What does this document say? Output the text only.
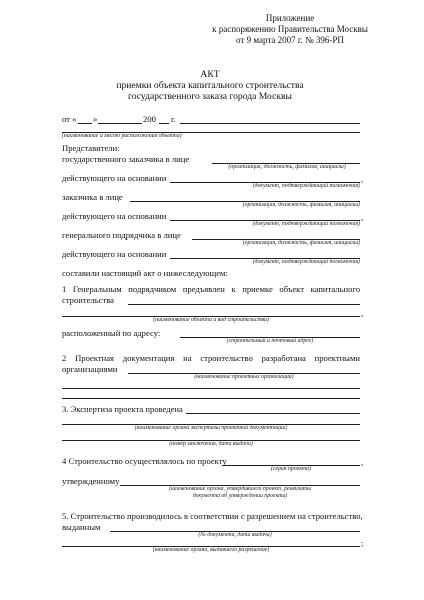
Приложение
к распоряжению Правительства Москвы
от 9 марта 2007 г. № 396-РП
АКТ
приемки объекта капитального строительства
государственного заказа города Москвы
от « »	200 г.
(наименование и место расположения объекта)
Представители:
государственного заказчика в лице
(организация, должность, фамилия, инициалы)
действующего на основании	,
(документ, подтверждающий полномочия)
заказчика в лице
(организация, должность, фамилия, инициалы)
действующего на основании	,
(документ, подтверждающий полномочия)
генерального подрядчика в лице
(организация, должность, фамилия, инициалы)
действующего на основании
(документ, подтверждающий полномочия)
составили настоящий акт о нижеследующем:
1 Генеральным подрядчиком предъявлен к приемке объект капитального
строительства
,
(наименование объекта и вид строительства)
расположенный по адресу:
(строительный и почтовый адрес)
2 Проектная документация на строительство разработана проектными
организациями
(наименование проектных организаций)
3. Экспертиза проекта проведена
(наименование органа экспертизы проектной документации)
(номер заключения, дата выдачи)
4 Строительство осуществлялось по проекту	,
(серия проекта)
утвержденному
(наименование органа, утвердившего проект, реквизиты
документа об утверждении проекта)
5. Строительство производилось в соответствии с разрешением на строительство,
выданным
(№ документа, дата выдачи)
;
(наименование органа, выдавшего разрешение)
